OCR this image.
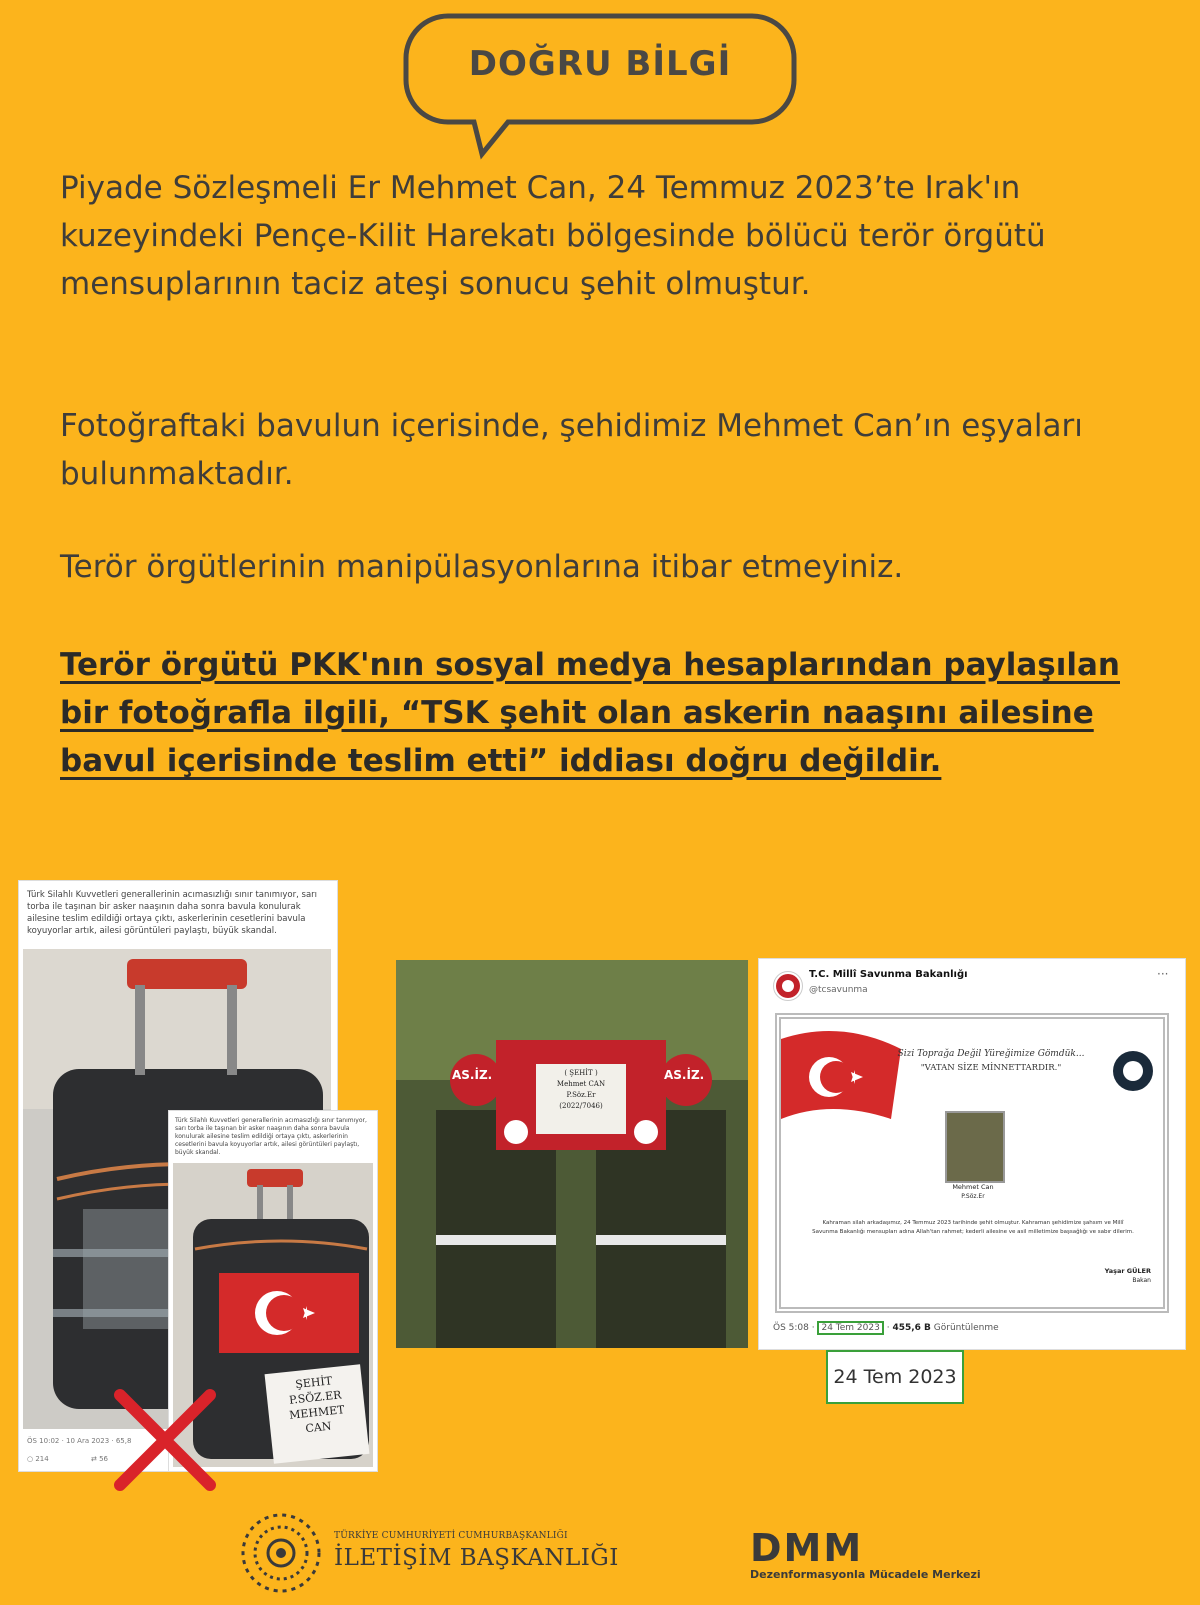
DOĞRU BİLGİ

Piyade Sözleşmeli Er Mehmet Can, 24 Temmuz 2023’te Irak'ın kuzeyindeki Pençe-Kilit Harekatı bölgesinde bölücü terör örgütü mensuplarının taciz ateşi sonucu şehit olmuştur.

Fotoğraftaki bavulun içerisinde, şehidimiz Mehmet Can’ın eşyaları bulunmaktadır.

Terör örgütlerinin manipülasyonlarına itibar etmeyiniz.

Terör örgütü PKK'nın sosyal medya hesaplarından paylaşılan bir fotoğrafla ilgili, “TSK şehit olan askerin naaşını ailesine bavul içerisinde teslim etti” iddiası doğru değildir.

Türk Silahlı Kuvvetleri generallerinin acımasızlığı sınır tanımıyor, sarı torba ile taşınan bir asker naaşının daha sonra bavula konulurak ailesine teslim edildiği ortaya çıktı, askerlerinin cesetlerini bavula koyuyorlar artık, ailesi görüntüleri paylaştı, büyük skandal.
ÖS 10:02 · 10 Ara 2023 · 65,8
○ 214	⇄ 56
Türk Silahlı Kuvvetleri generallerinin acımasızlığı sınır tanımıyor, sarı torba ile taşınan bir asker naaşının daha sonra bavula konulurak ailesine teslim edildiği ortaya çıktı, askerlerinin cesetlerini bavula koyuyorlar artık, ailesi görüntüleri paylaştı, büyük skandal.
ŞEHİT
P.SÖZ.ER
MEHMET
CAN
AS.İZ.	AS.İZ.
( ŞEHİT )
Mehmet CAN
P.Söz.Er
(2022/7046)
T.C. Millî Savunma Bakanlığı
@tcsavunma
···
Sizi Toprağa Değil Yüreğimize Gömdük...
"VATAN SİZE MİNNETTARDIR."
Mehmet Can
P.Söz.Er
Kahraman silah arkadaşımız, 24 Temmuz 2023 tarihinde şehit olmuştur. Kahraman şehidimize şahsım ve Millî Savunma Bakanlığı mensupları adına Allah'tan rahmet; kederli ailesine ve asil milletimize başsağlığı ve sabır dilerim.
Yaşar GÜLER
Bakan
ÖS 5:08 · 24 Tem 2023 · 455,6 B Görüntülenme
24 Tem 2023
TÜRKİYE CUMHURİYETİ CUMHURBAŞKANLIĞI
İLETİŞİM BAŞKANLIĞI	DMM
Dezenformasyonla Mücadele Merkezi
